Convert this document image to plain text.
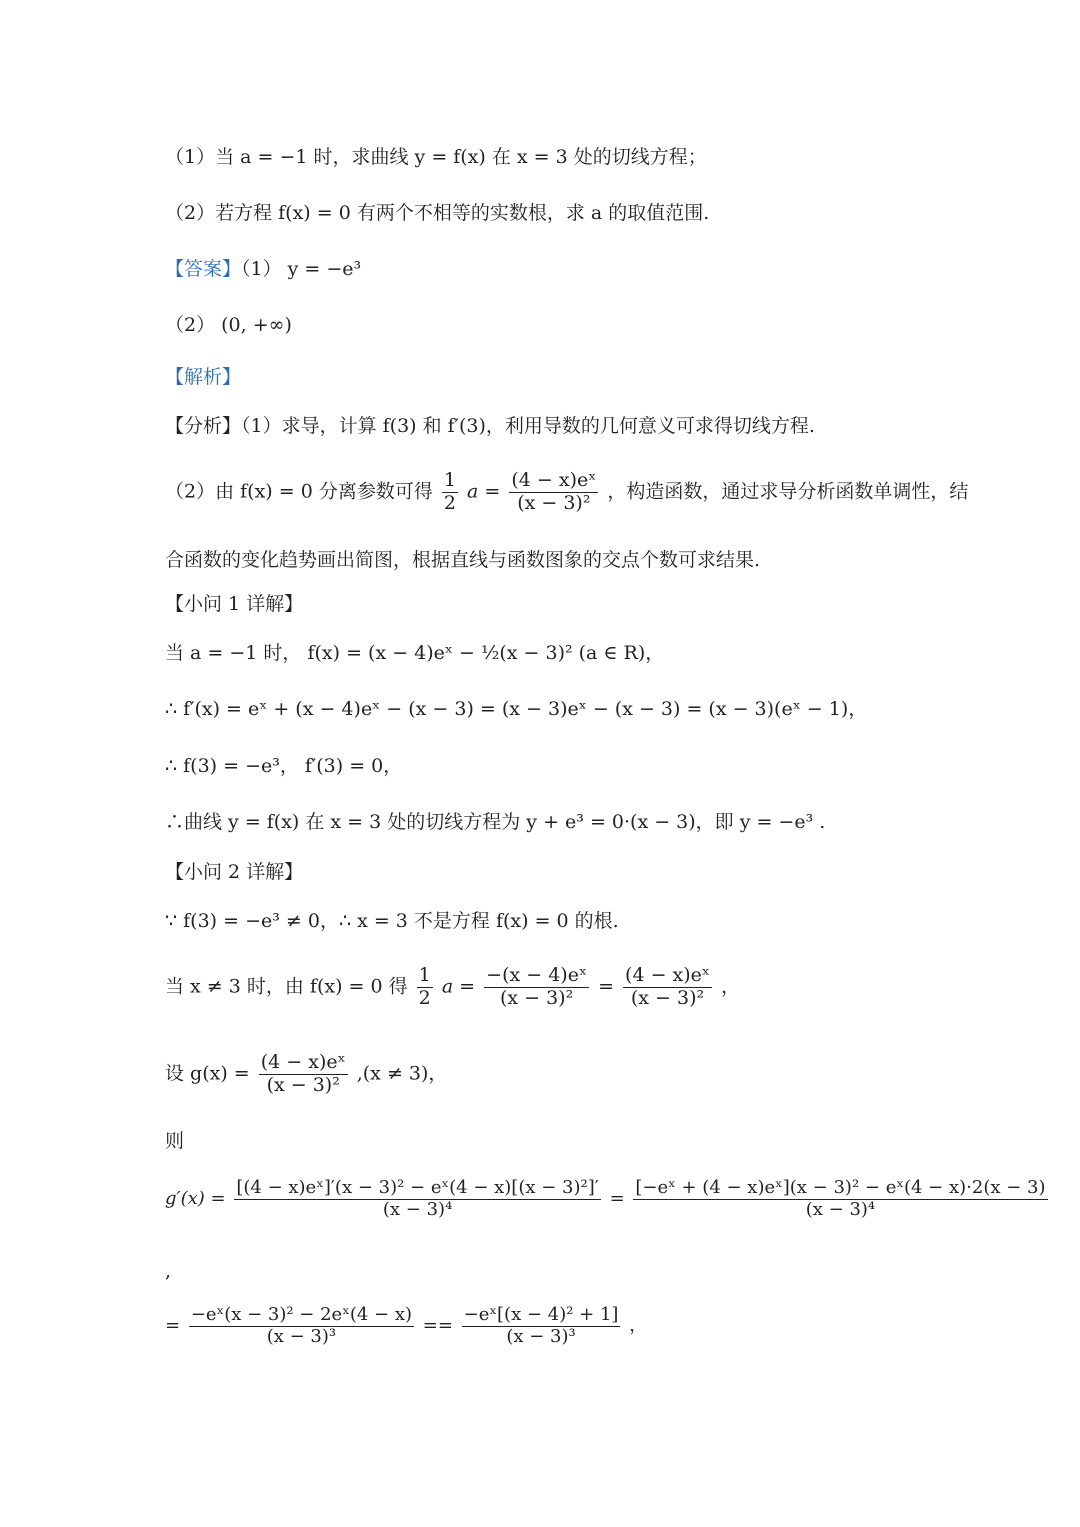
（1）当 a = −1 时，求曲线 y = f(x) 在 x = 3 处的切线方程；
（2）若方程 f(x) = 0 有两个不相等的实数根，求 a 的取值范围.
【答案】（1） y = −e³
（2） (0, +∞)
【解析】
【分析】（1）求导，计算 f(3) 和 f′(3)，利用导数的几何意义可求得切线方程.
（2）由 f(x) = 0 分离参数可得 $\frac{1}{2}$ $a = \frac{\text{(4 − x)eˣ}}{\text{(x − 3)²}}$ ，构造函数，通过求导分析函数单调性，结
合函数的变化趋势画出简图，根据直线与函数图象的交点个数可求结果.
【小问 1 详解】
当 a = −1 时， f(x) = (x − 4)eˣ − ½(x − 3)² (a ∈ R)，
∴ f′(x) = eˣ + (x − 4)eˣ − (x − 3) = (x − 3)eˣ − (x − 3) = (x − 3)(eˣ − 1)，
∴ f(3) = −e³， f′(3) = 0，
∴曲线 y = f(x) 在 x = 3 处的切线方程为 y + e³ = 0·(x − 3)，即 y = −e³ .
【小问 2 详解】
∵ f(3) = −e³ ≠ 0，∴ x = 3 不是方程 f(x) = 0 的根.
当 x ≠ 3 时，由 f(x) = 0 得 $\frac{1}{2}$ $a = \frac{\text{−(x − 4)eˣ}}{\text{(x − 3)²}} = \frac{\text{(4 − x)eˣ}}{\text{(x − 3)²}}$ ，
设 $g(x) = \frac{\text{(4 − x)eˣ}}{\text{(x − 3)²}} ,(x \ne 3)$，
则
$g'(x) = \frac{\text{[(4 − x)eˣ]′(x − 3)² − eˣ(4 − x)[(x − 3)²]′}}{\text{(x − 3)⁴}} = \frac{\text{[−eˣ + (4 − x)eˣ](x − 3)² − eˣ(4 − x)·2(x − 3)}}{\text{(x − 3)⁴}}$
,
= $\frac{\text{−eˣ(x − 3)² − 2eˣ(4 − x)}}{\text{(x − 3)³}} == \frac{\text{−eˣ[(x − 4)² + 1]}}{\text{(x − 3)³}}$ ，
